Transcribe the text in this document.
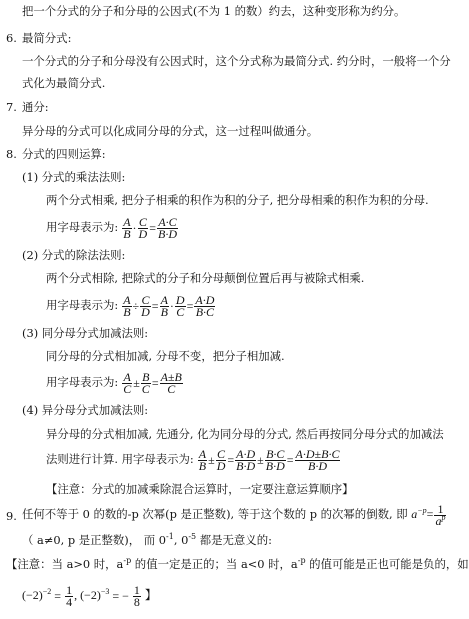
把一个分式的分子和分母的公因式(不为 1 的数）约去，这种变形称为约分。
6. 最简分式:
一个分式的分子和分母没有公因式时，这个分式称为最简分式. 约分时，一般将一个分
式化为最简分式.
7. 通分:
异分母的分式可以化成同分母的分式，这一过程叫做通分。
8. 分式的四则运算:
(1) 分式的乘法法则:
两个分式相乘, 把分子相乘的积作为积的分子, 把分母相乘的积作为积的分母.
用字母表示为: $\frac{A}{B} \cdot \frac{C}{D} = \frac{A\cdot C}{B\cdot D}$
(2) 分式的除法法则:
两个分式相除, 把除式的分子和分母颠倒位置后再与被除式相乘.
用字母表示为: $\frac{A}{B} \div \frac{C}{D} = \frac{A}{B} \cdot \frac{D}{C} = \frac{A\cdot D}{B\cdot C}$
(3) 同分母分式加减法则:
同分母的分式相加减, 分母不变，把分子相加减.
用字母表示为: $\frac{A}{C} \pm \frac{B}{C} = \frac{A\pm B}{C}$
(4) 异分母分式加减法则:
异分母的分式相加减, 先通分, 化为同分母的分式, 然后再按同分母分式的加减法
法则进行计算. 用字母表示为: $\frac{A}{B} \pm \frac{C}{D} = \frac{A\cdot D}{B\cdot D} \pm \frac{B\cdot C}{B\cdot D} = \frac{A\cdot D\pm B\cdot C}{B\cdot D}$
【注意：分式的加减乘除混合运算时，一定要注意运算顺序】
9. 任何不等于 0 的数的-p 次幂(p 是正整数), 等于这个数的 p 的次幂的倒数, 即 $a^{-p}= \frac{1}{a^p}$
（ a≠0, p 是正整数)， 而 $0^{-1}$, $0^{-5}$ 都是无意义的:
【注意：当 a>0 时，$a^{-p}$ 的值一定是正的；当 a<0 时，$a^{-p}$ 的值可能是正也可能是负的，如
$(-2)^{-2} = \frac{1}{4}$ , $(-2)^{-3}$ = − $\frac{1}{8}$ 】
